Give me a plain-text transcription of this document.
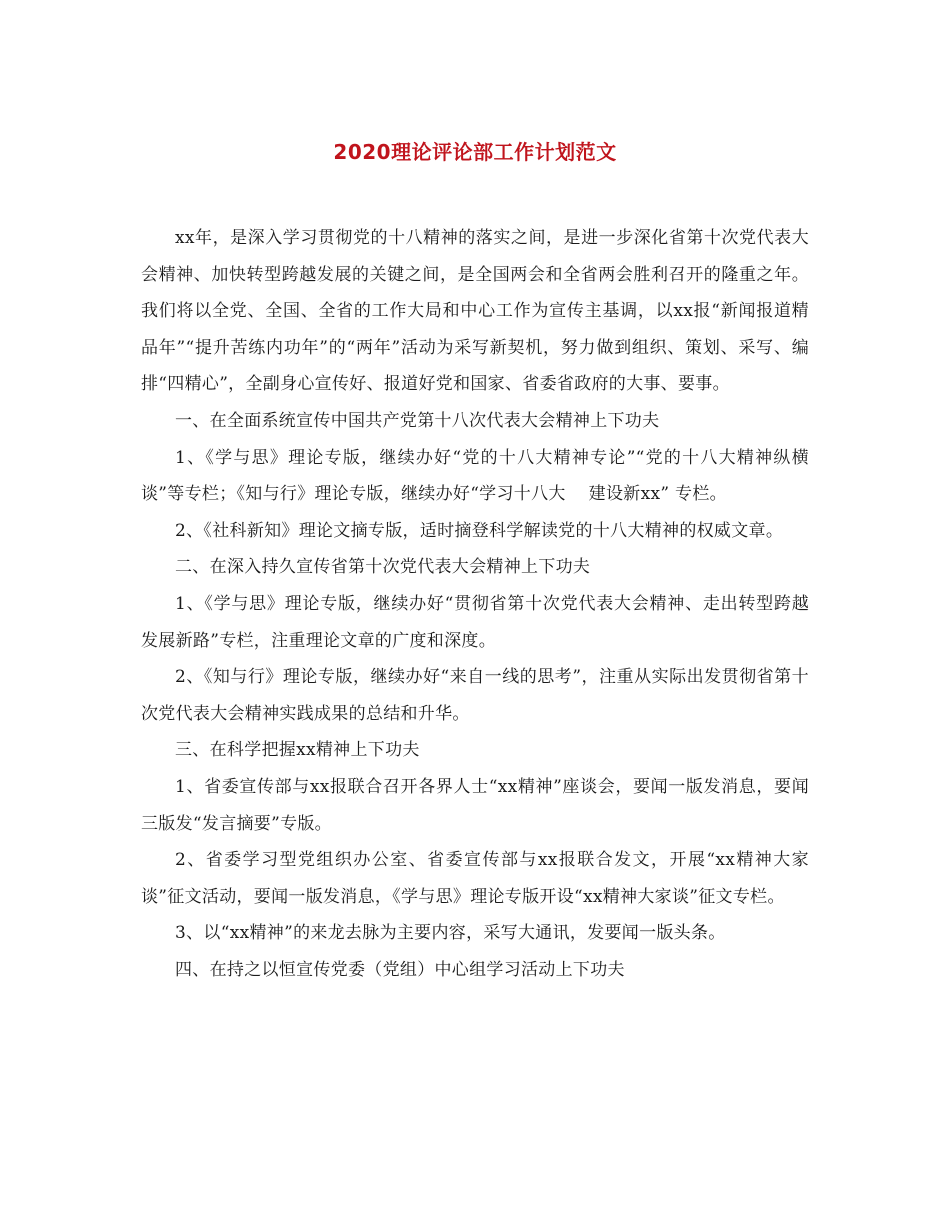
2020理论评论部工作计划范文

xx年，是深入学习贯彻党的十八精神的落实之间，是进一步深化省第十次党代表大会精神、加快转型跨越发展的关键之间，是全国两会和全省两会胜利召开的隆重之年。我们将以全党、全国、全省的工作大局和中心工作为宣传主基调，以xx报“新闻报道精品年”“提升苦练内功年”的“两年”活动为采写新契机，努力做到组织、策划、采写、编排“四精心”，全副身心宣传好、报道好党和国家、省委省政府的大事、要事。

一、在全面系统宣传中国共产党第十八次代表大会精神上下功夫

1、《学与思》理论专版，继续办好“党的十八大精神专论”“党的十八大精神纵横谈”等专栏；《知与行》理论专版，继续办好“学习十八大　 建设新xx” 专栏。

2、《社科新知》理论文摘专版，适时摘登科学解读党的十八大精神的权威文章。

二、在深入持久宣传省第十次党代表大会精神上下功夫

1、《学与思》理论专版，继续办好“贯彻省第十次党代表大会精神、走出转型跨越发展新路”专栏，注重理论文章的广度和深度。

2、《知与行》理论专版，继续办好“来自一线的思考”，注重从实际出发贯彻省第十次党代表大会精神实践成果的总结和升华。

三、在科学把握xx精神上下功夫

1、省委宣传部与xx报联合召开各界人士“xx精神”座谈会，要闻一版发消息，要闻三版发“发言摘要”专版。

2、省委学习型党组织办公室、省委宣传部与xx报联合发文，开展“xx精神大家谈”征文活动，要闻一版发消息，《学与思》理论专版开设“xx精神大家谈”征文专栏。

3、以“xx精神”的来龙去脉为主要内容，采写大通讯，发要闻一版头条。

四、在持之以恒宣传党委（党组）中心组学习活动上下功夫
